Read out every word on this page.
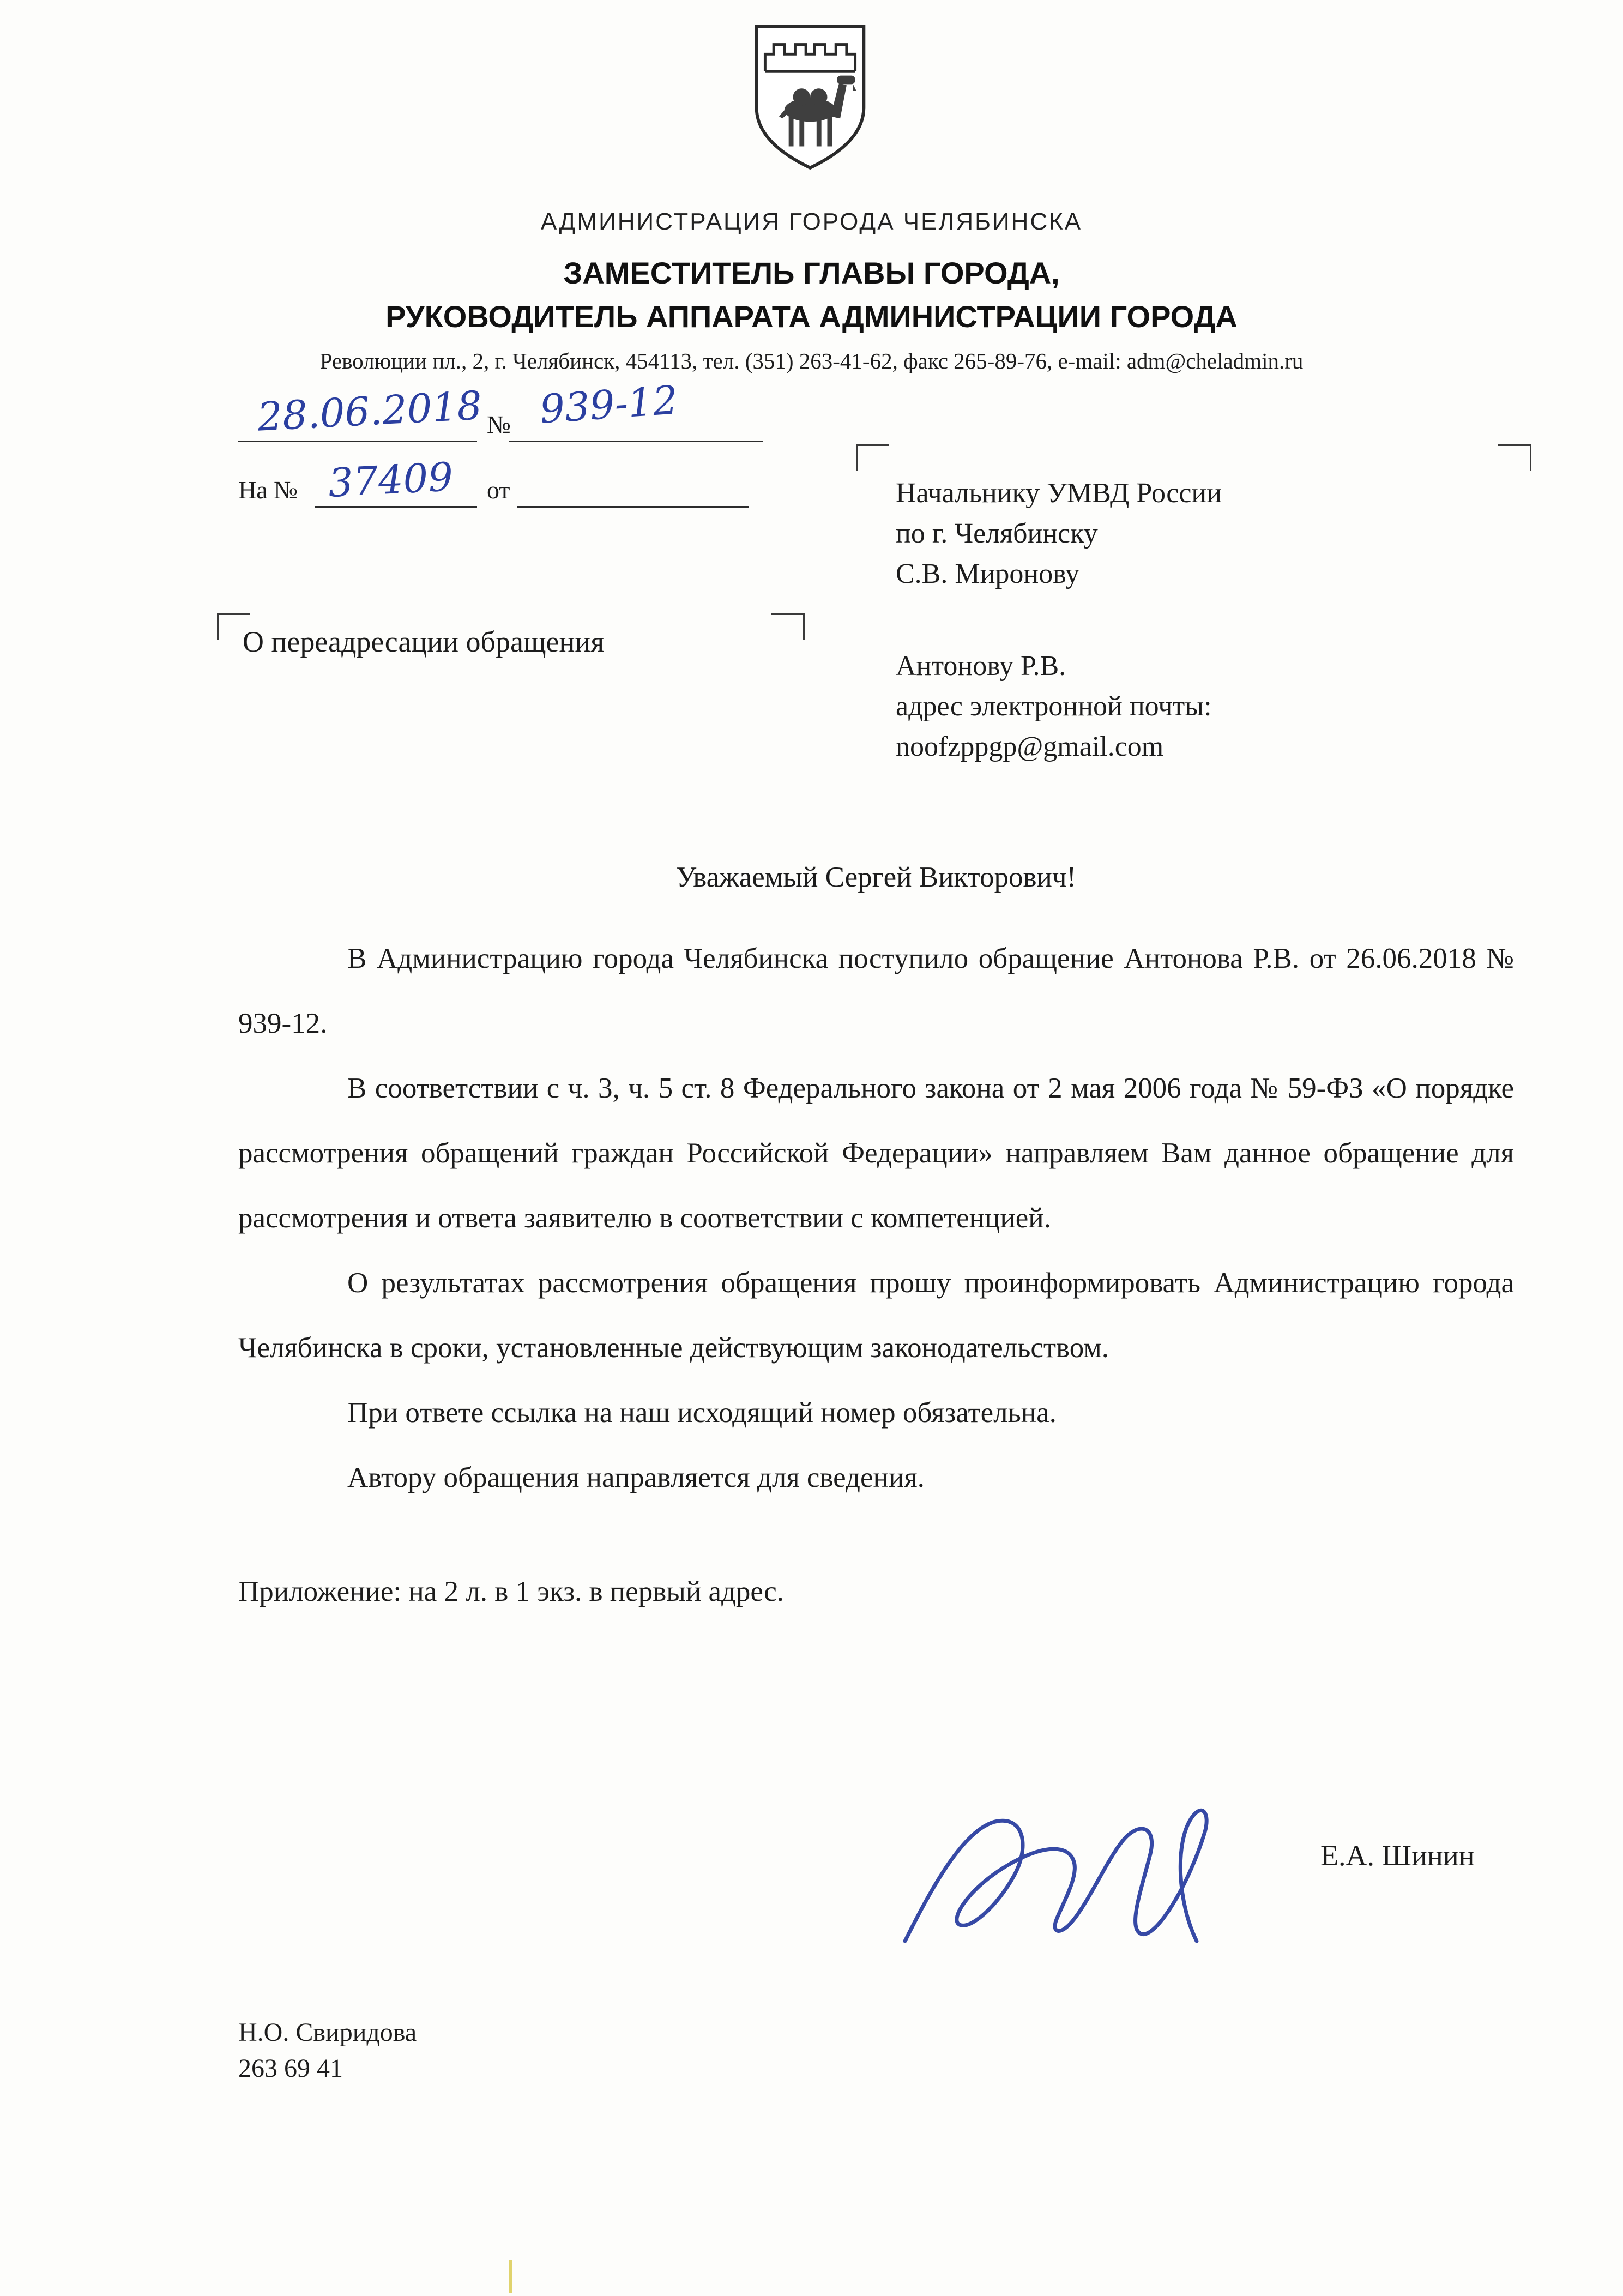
АДМИНИСТРАЦИЯ ГОРОДА ЧЕЛЯБИНСКА
ЗАМЕСТИТЕЛЬ ГЛАВЫ ГОРОДА,
РУКОВОДИТЕЛЬ АППАРАТА АДМИНИСТРАЦИИ ГОРОДА
Революции пл., 2, г. Челябинск, 454113, тел. (351) 263-41-62, факс 265-89-76, e-mail: adm@cheladmin.ru
28.06.2018 № 939-12
На № 37409 от	Начальнику УМВД России
по г. Челябинску
С.В. Миронову
Антонову Р.В.
адрес электронной почты:
noofzppgp@gmail.com
О переадресации обращения

Уважаемый Сергей Викторович!

В Администрацию города Челябинска поступило обращение Антонова Р.В. от 26.06.2018 № 939-12.

В соответствии с ч. 3, ч. 5 ст. 8 Федерального закона от 2 мая 2006 года № 59-ФЗ «О порядке рассмотрения обращений граждан Российской Федерации» направляем Вам данное обращение для рассмотрения и ответа заявителю в соответствии с компетенцией.

О результатах рассмотрения обращения прошу проинформировать Администрацию города Челябинска в сроки, установленные действующим законодательством.

При ответе ссылка на наш исходящий номер обязательна.

Автору обращения направляется для сведения.

Приложение: на 2 л. в 1 экз. в первый адрес.

Е.А. Шинин
Н.О. Свиридова
263 69 41
